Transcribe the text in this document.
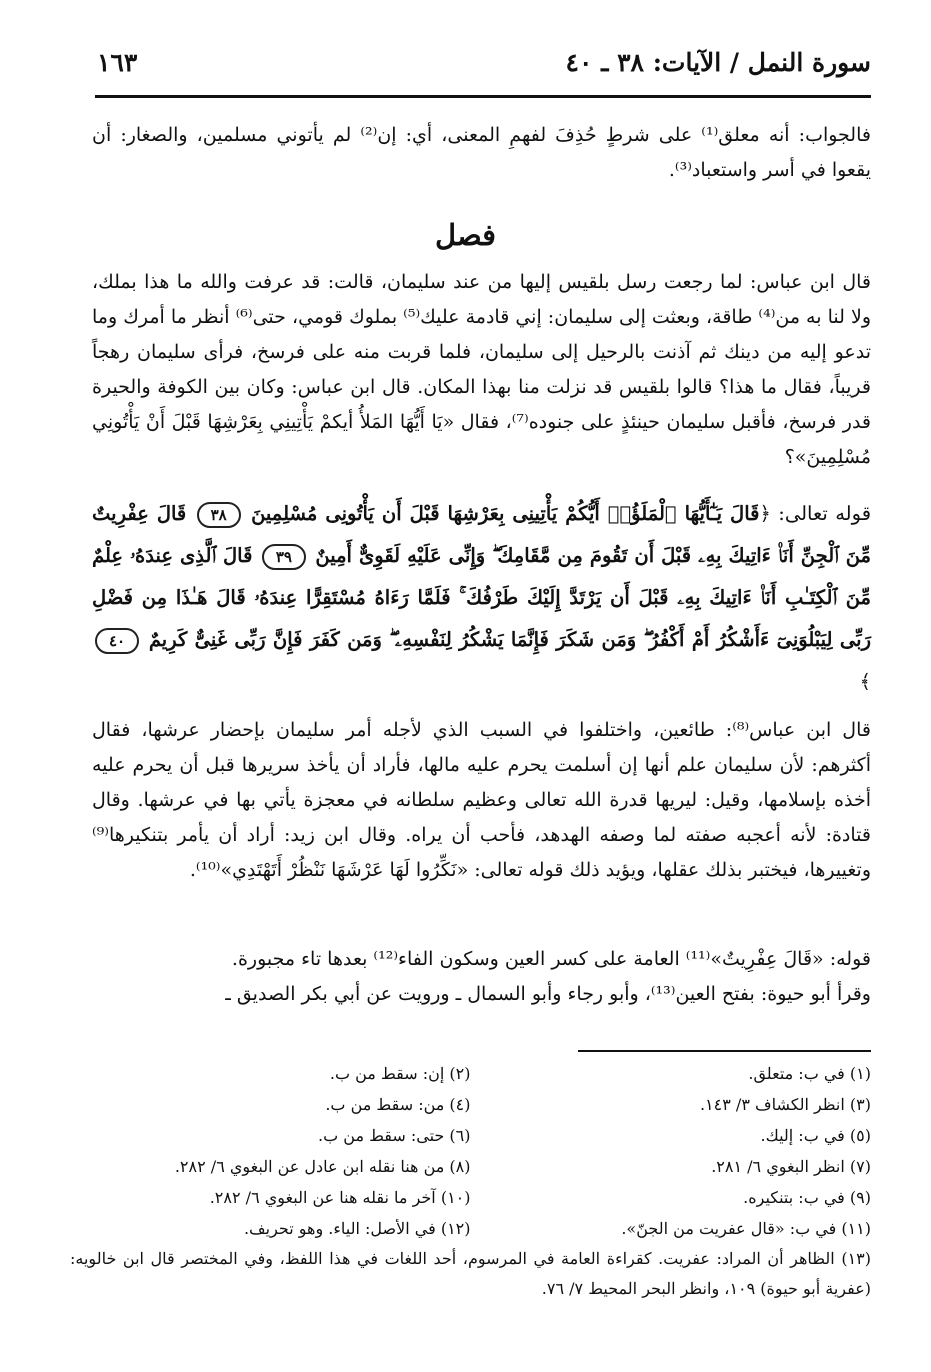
سورة النمل / الآيات: ٣٨ ـ ٤٠
١٦٣
فالجواب: أنه معلق⁽¹⁾ على شرطٍ حُذِفَ لفهمِ المعنى، أي: إن⁽²⁾ لم يأتوني مسلمين، والصغار: أن يقعوا في أسر واستعباد⁽³⁾.
فصل
قال ابن عباس: لما رجعت رسل بلقيس إليها من عند سليمان، قالت: قد عرفت والله ما هذا بملك، ولا لنا به من⁽⁴⁾ طاقة، وبعثت إلى سليمان: إني قادمة عليك⁽⁵⁾ بملوك قومي، حتى⁽⁶⁾ أنظر ما أمرك وما تدعو إليه من دينك ثم آذنت بالرحيل إلى سليمان، فلما قربت منه على فرسخ، فرأى سليمان رهجاً قريباً، فقال ما هذا؟ قالوا بلقيس قد نزلت منا بهذا المكان. قال ابن عباس: وكان بين الكوفة والحيرة قدر فرسخ، فأقبل سليمان حينئذٍ على جنوده⁽⁷⁾، فقال «يَا أَيُّهَا المَلأُ أيكمْ يَأْتِينِي بِعَرْشِهَا قَبْلَ أَنْ يَأْتُونِي مُسْلِمِينَ»؟
قوله تعالى: ﴿قَالَ يَـٰٓأَيُّهَا ٱلْمَلَؤُا۟ أَيُّكُمْ يَأْتِينِى بِعَرْشِهَا قَبْلَ أَن يَأْتُونِى مُسْلِمِينَ ٣٨ قَالَ عِفْرِيتٌ مِّنَ ٱلْجِنِّ أَنَا۠ ءَاتِيكَ بِهِۦ قَبْلَ أَن تَقُومَ مِن مَّقَامِكَ ۖ وَإِنِّى عَلَيْهِ لَقَوِىٌّ أَمِينٌ ٣٩ قَالَ ٱلَّذِى عِندَهُۥ عِلْمٌ مِّنَ ٱلْكِتَـٰبِ أَنَا۠ ءَاتِيكَ بِهِۦ قَبْلَ أَن يَرْتَدَّ إِلَيْكَ طَرْفُكَ ۚ فَلَمَّا رَءَاهُ مُسْتَقِرًّا عِندَهُۥ قَالَ هَـٰذَا مِن فَضْلِ رَبِّى لِيَبْلُوَنِىٓ ءَأَشْكُرُ أَمْ أَكْفُرُ ۖ وَمَن شَكَرَ فَإِنَّمَا يَشْكُرُ لِنَفْسِهِۦ ۖ وَمَن كَفَرَ فَإِنَّ رَبِّى غَنِىٌّ كَرِيمٌ ٤٠﴾
قال ابن عباس⁽⁸⁾: طائعين، واختلفوا في السبب الذي لأجله أمر سليمان بإحضار عرشها، فقال أكثرهم: لأن سليمان علم أنها إن أسلمت يحرم عليه مالها، فأراد أن يأخذ سريرها قبل أن يحرم عليه أخذه بإسلامها، وقيل: ليريها قدرة الله تعالى وعظيم سلطانه في معجزة يأتي بها في عرشها. وقال قتادة: لأنه أعجبه صفته لما وصفه الهدهد، فأحب أن يراه. وقال ابن زيد: أراد أن يأمر بتنكيرها⁽⁹⁾ وتغييرها، فيختبر بذلك عقلها، ويؤيد ذلك قوله تعالى: «نَكِّرُوا لَهَا عَرْشَهَا نَنْظُرْ أَتَهْتَدِي»⁽¹⁰⁾.
قوله: «قَالَ عِفْرِيتٌ»⁽¹¹⁾ العامة على كسر العين وسكون الفاء⁽¹²⁾ بعدها تاء مجبورة.
وقرأ أبو حيوة: بفتح العين⁽¹³⁾، وأبو رجاء وأبو السمال ـ ورويت عن أبي بكر الصديق ـ
(١) في ب: متعلق.
(٢) إن: سقط من ب.
(٣) انظر الكشاف ٣/ ١٤٣.
(٤) من: سقط من ب.
(٥) في ب: إليك.
(٦) حتى: سقط من ب.
(٧) انظر البغوي ٦/ ٢٨١.
(٨) من هنا نقله ابن عادل عن البغوي ٦/ ٢٨٢.
(٩) في ب: بتنكيره.
(١٠) آخر ما نقله هنا عن البغوي ٦/ ٢٨٢.
(١١) في ب: «قال عفريت من الجنّ».
(١٢) في الأصل: الياء. وهو تحريف.
(١٣) الظاهر أن المراد: عفريت. كقراءة العامة في المرسوم، أحد اللغات في هذا اللفظ، وفي المختصر قال ابن خالويه: (عفرية أبو حيوة) ١٠٩، وانظر البحر المحيط ٧/ ٧٦.
